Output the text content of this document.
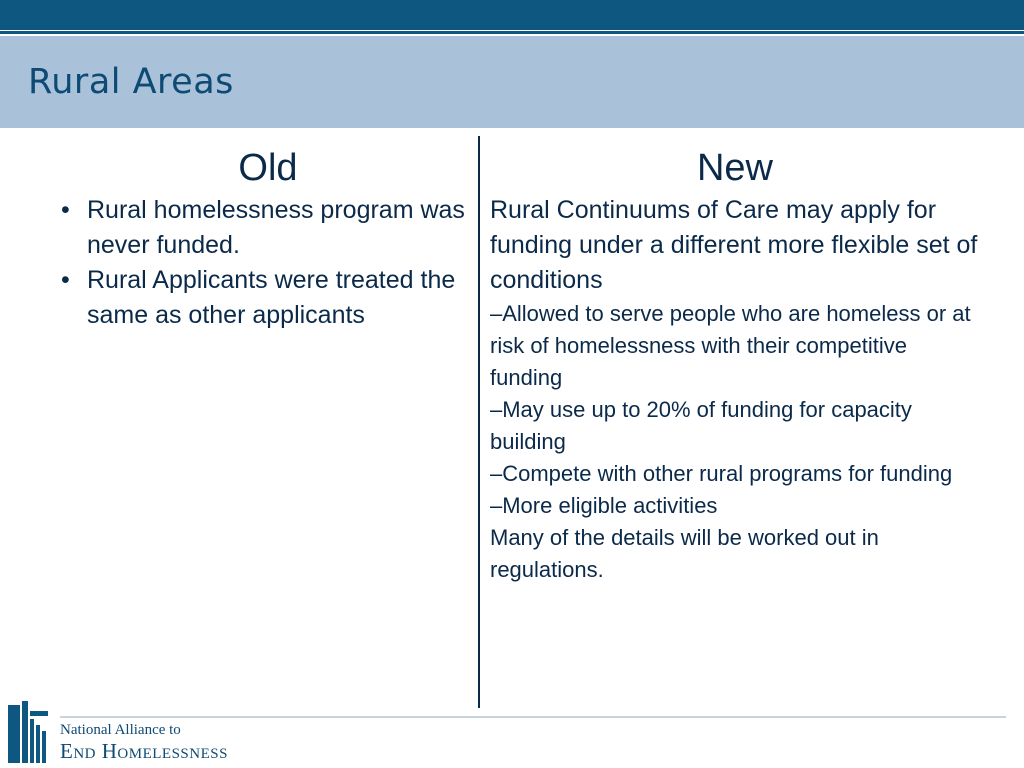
Rural Areas
Old
• Rural homelessness program was never funded.
• Rural Applicants were treated the same as other applicants
New

Rural Continuums of Care may apply for funding under a different more flexible set of conditions

–Allowed to serve people who are homeless or at risk of homelessness with their competitive funding

–May use up to 20% of funding for capacity building

–Compete with other rural programs for funding

–More eligible activities

Many of the details will be worked out in regulations.

National Alliance to
End Homelessness
